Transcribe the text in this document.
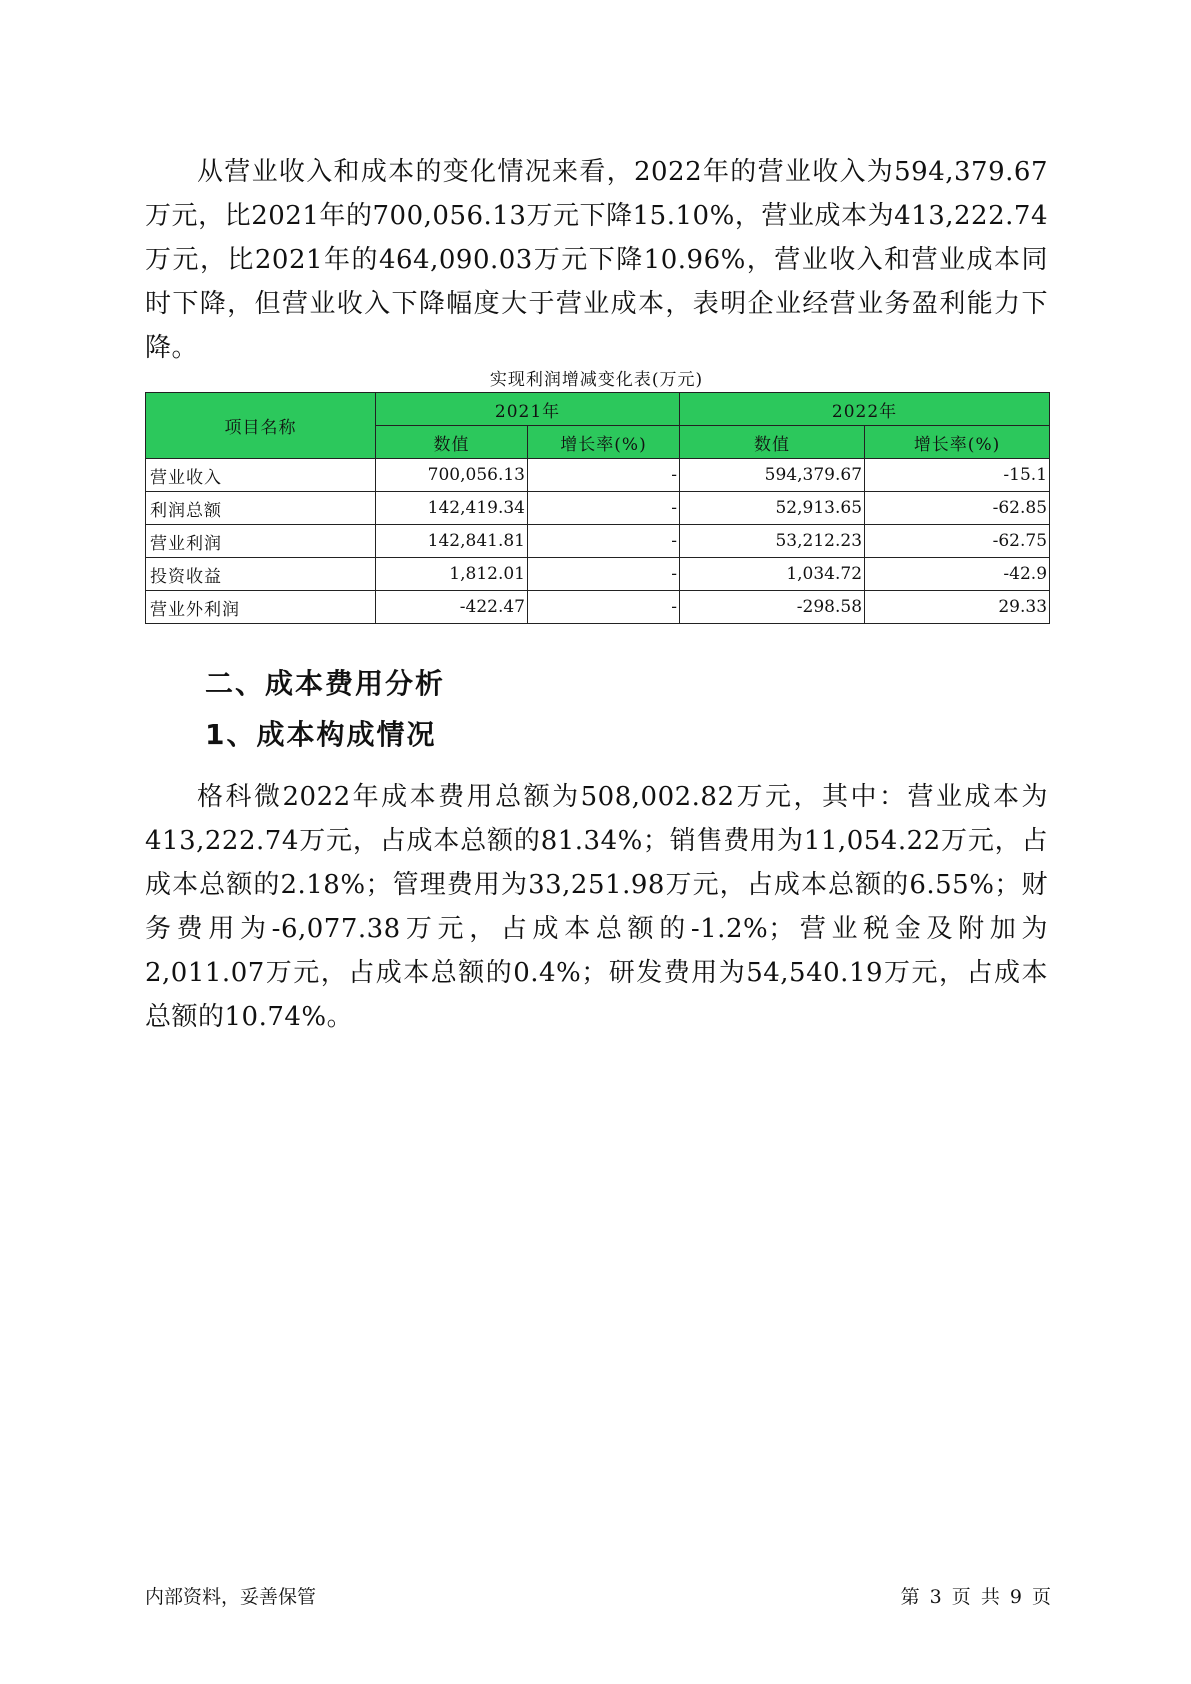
从营业收入和成本的变化情况来看，2022年的营业收入为594,379.67万元，比2021年的700,056.13万元下降15.10%，营业成本为413,222.74万元，比2021年的464,090.03万元下降10.96%，营业收入和营业成本同时下降，但营业收入下降幅度大于营业成本，表明企业经营业务盈利能力下降。

实现利润增减变化表(万元)
项目名称	2021年		2022年	
	数值	增长率(%)	数值	增长率(%)
营业收入	700,056.13	-	594,379.67	-15.1
利润总额	142,419.34	-	52,913.65	-62.85
营业利润	142,841.81	-	53,212.23	-62.75
投资收益	1,812.01	-	1,034.72	-42.9
营业外利润	-422.47	-	-298.58	29.33
二、成本费用分析
1、成本构成情况

格科微2022年成本费用总额为508,002.82万元，其中：营业成本为413,222.74万元，占成本总额的81.34%；销售费用为11,054.22万元，占成本总额的2.18%；管理费用为33,251.98万元，占成本总额的6.55%；财务费用为-6,077.38万元，占成本总额的-1.2%；营业税金及附加为2,011.07万元，占成本总额的0.4%；研发费用为54,540.19万元，占成本总额的10.74%。

内部资料，妥善保管	第 3 页 共 9 页
